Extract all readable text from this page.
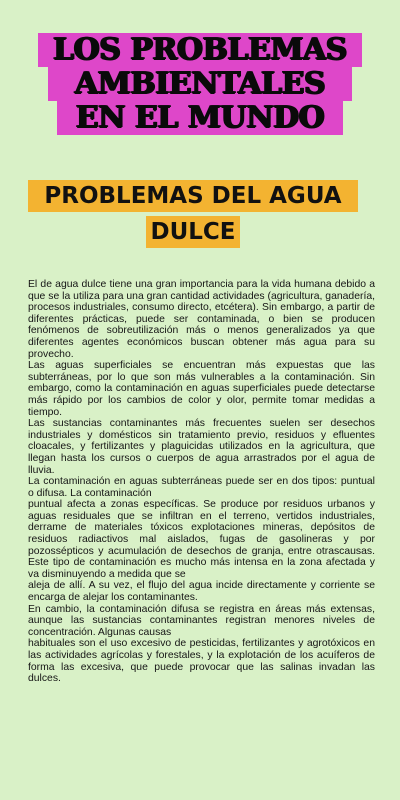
LOS PROBLEMAS
AMBIENTALES
EN EL MUNDO
PROBLEMAS DEL AGUA
DULCE

El de agua dulce tiene una gran importancia para la vida humana debido a que se la utiliza para una gran cantidad actividades (agricultura, ganadería, procesos industriales, consumo directo, etcétera). Sin embargo, a partir de diferentes prácticas, puede ser contaminada, o bien se producen fenómenos de sobreutilización más o menos generalizados ya que diferentes agentes económicos buscan obtener más agua para su provecho.

Las aguas superficiales se encuentran más expuestas que las subterráneas, por lo que son más vulnerables a la contaminación. Sin embargo, como la contaminación en aguas superficiales puede detectarse más rápido por los cambios de color y olor, permite tomar medidas a tiempo.

Las sustancias contaminantes más frecuentes suelen ser desechos industriales y domésticos sin tratamiento previo, residuos y efluentes cloacales, y fertilizantes y plaguicidas utilizados en la agricultura, que llegan hasta los cursos o cuerpos de agua arrastrados por el agua de lluvia.

La contaminación en aguas subterráneas puede ser en dos tipos: puntual o difusa. La contaminación

puntual afecta a zonas específicas. Se produce por residuos urbanos y aguas residuales que se infiltran en el terreno, vertidos industriales, derrame de materiales tóxicos explotaciones mineras, depósitos de residuos radiactivos mal aislados, fugas de gasolineras y por pozossépticos y acumulación de desechos de granja, entre otrascausas. Este tipo de contaminación es mucho más intensa en la zona afectada y va disminuyendo a medida que se

aleja de allí. A su vez, el flujo del agua incide directamente y corriente se encarga de alejar los contaminantes.

En cambio, la contaminación difusa se registra en áreas más extensas, aunque las sustancias contaminantes registran menores niveles de concentración. Algunas causas

habituales son el uso excesivo de pesticidas, fertilizantes y agrotóxicos en las actividades agrícolas y forestales, y la explotación de los acuíferos de forma las excesiva, que puede provocar que las salinas invadan las dulces.
